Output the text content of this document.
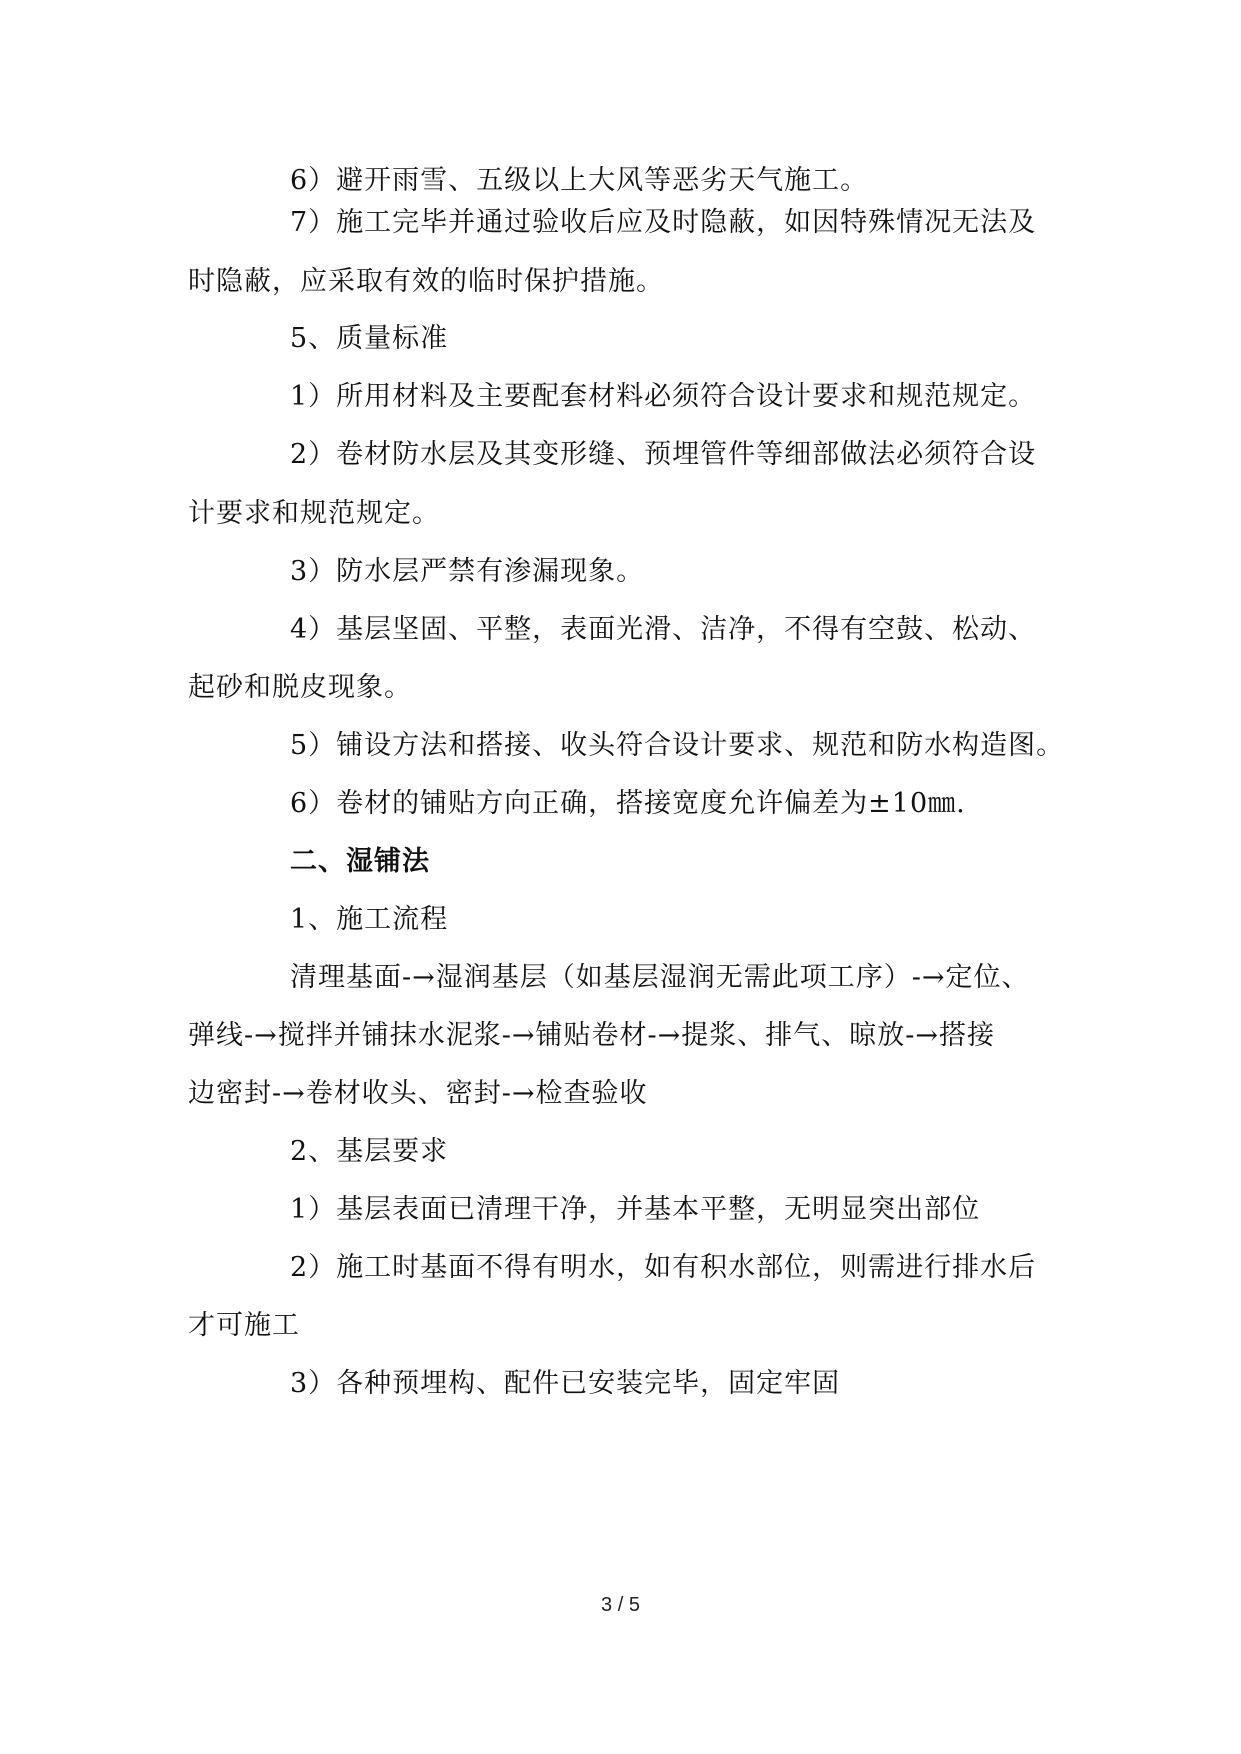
6）避开雨雪、五级以上大风等恶劣天气施工。
7）施工完毕并通过验收后应及时隐蔽，如因特殊情况无法及
时隐蔽，应采取有效的临时保护措施。
5、质量标准
1）所用材料及主要配套材料必须符合设计要求和规范规定。
2）卷材防水层及其变形缝、预埋管件等细部做法必须符合设
计要求和规范规定。
3）防水层严禁有渗漏现象。
4）基层坚固、平整，表面光滑、洁净，不得有空鼓、松动、
起砂和脱皮现象。
5）铺设方法和搭接、收头符合设计要求、规范和防水构造图。
6）卷材的铺贴方向正确，搭接宽度允许偏差为±10㎜.
二、湿铺法
1、施工流程
清理基面-→湿润基层（如基层湿润无需此项工序）-→定位、
弹线-→搅拌并铺抹水泥浆-→铺贴卷材-→提浆、排气、晾放-→搭接
边密封-→卷材收头、密封-→检查验收
2、基层要求
1）基层表面已清理干净，并基本平整，无明显突出部位
2）施工时基面不得有明水，如有积水部位，则需进行排水后
才可施工
3）各种预埋构、配件已安装完毕，固定牢固
3 / 5
